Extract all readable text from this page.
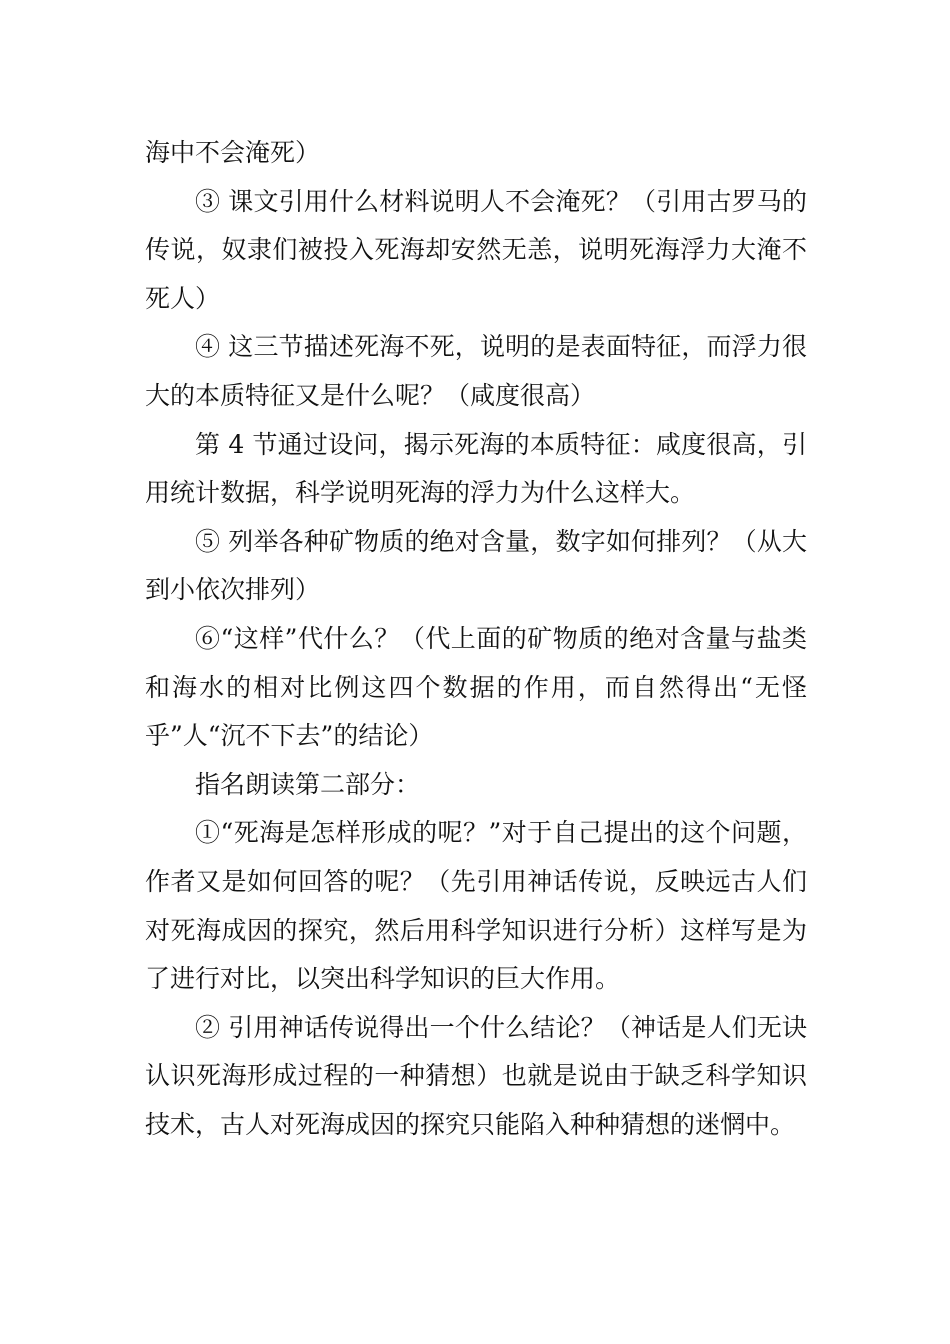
海中不会淹死）

③ 课文引用什么材料说明人不会淹死？（引用古罗马的传说，奴隶们被投入死海却安然无恙，说明死海浮力大淹不死人）

④ 这三节描述死海不死，说明的是表面特征，而浮力很大的本质特征又是什么呢？（咸度很高）

第 4 节通过设问，揭示死海的本质特征：咸度很高，引用统计数据，科学说明死海的浮力为什么这样大。

⑤ 列举各种矿物质的绝对含量，数字如何排列？（从大到小依次排列）

⑥“这样”代什么？（代上面的矿物质的绝对含量与盐类和海水的相对比例这四个数据的作用，而自然得出“无怪乎”人“沉不下去”的结论）

指名朗读第二部分：

①“死海是怎样形成的呢？”对于自己提出的这个问题，作者又是如何回答的呢？（先引用神话传说，反映远古人们对死海成因的探究，然后用科学知识进行分析）这样写是为了进行对比，以突出科学知识的巨大作用。

② 引用神话传说得出一个什么结论？（神话是人们无诀认识死海形成过程的一种猜想）也就是说由于缺乏科学知识技术，古人对死海成因的探究只能陷入种种猜想的迷惘中。
